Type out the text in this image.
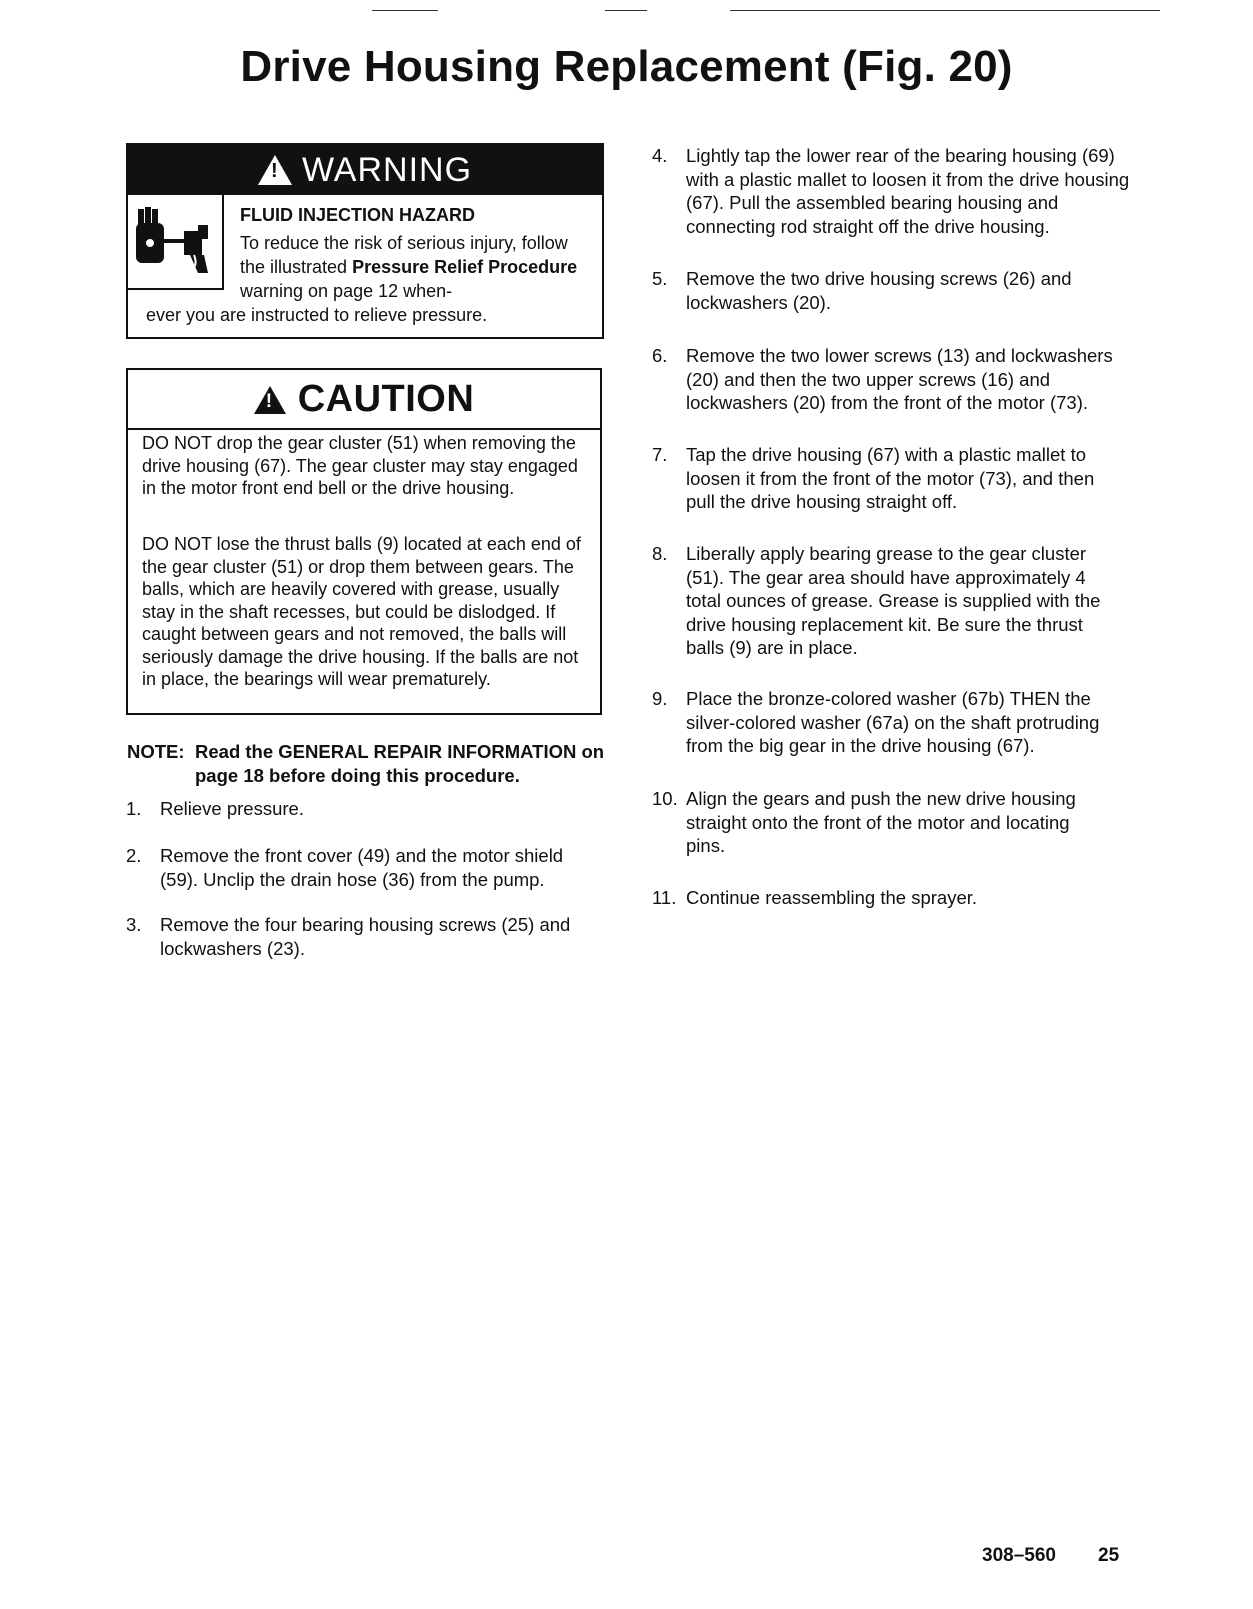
Drive Housing Replacement (Fig. 20)
!
WARNING
FLUID INJECTION HAZARD
To reduce the risk of serious injury, follow the illustrated Pressure Relief Procedure warning on page 12 when-
ever you are instructed to relieve pressure.
!
CAUTION

DO NOT drop the gear cluster (51) when removing the drive housing (67). The gear cluster may stay engaged in the motor front end bell or the drive housing.

DO NOT lose the thrust balls (9) located at each end of the gear cluster (51) or drop them between gears. The balls, which are heavily covered with grease, usually stay in the shaft recesses, but could be dislodged. If caught between gears and not removed, the balls will seriously damage the drive housing. If the balls are not in place, the bearings will wear prematurely.

NOTE: Read the GENERAL REPAIR INFORMATION on page 18 before doing this procedure.
1. Relieve pressure.
2. Remove the front cover (49) and the motor shield (59). Unclip the drain hose (36) from the pump.
3. Remove the four bearing housing screws (25) and lockwashers (23).
4. Lightly tap the lower rear of the bearing housing (69) with a plastic mallet to loosen it from the drive housing (67). Pull the assembled bearing housing and connecting rod straight off the drive housing.
5. Remove the two drive housing screws (26) and lockwashers (20).
6. Remove the two lower screws (13) and lockwashers (20) and then the two upper screws (16) and lockwashers (20) from the front of the motor (73).
7. Tap the drive housing (67) with a plastic mallet to loosen it from the front of the motor (73), and then pull the drive housing straight off.
8. Liberally apply bearing grease to the gear cluster (51). The gear area should have approximately 4 total ounces of grease. Grease is supplied with the drive housing replacement kit. Be sure the thrust balls (9) are in place.
9. Place the bronze-colored washer (67b) THEN the silver-colored washer (67a) on the shaft protruding from the big gear in the drive housing (67).
10. Align the gears and push the new drive housing straight onto the front of the motor and locating pins.
11. Continue reassembling the sprayer.
308–560 25
